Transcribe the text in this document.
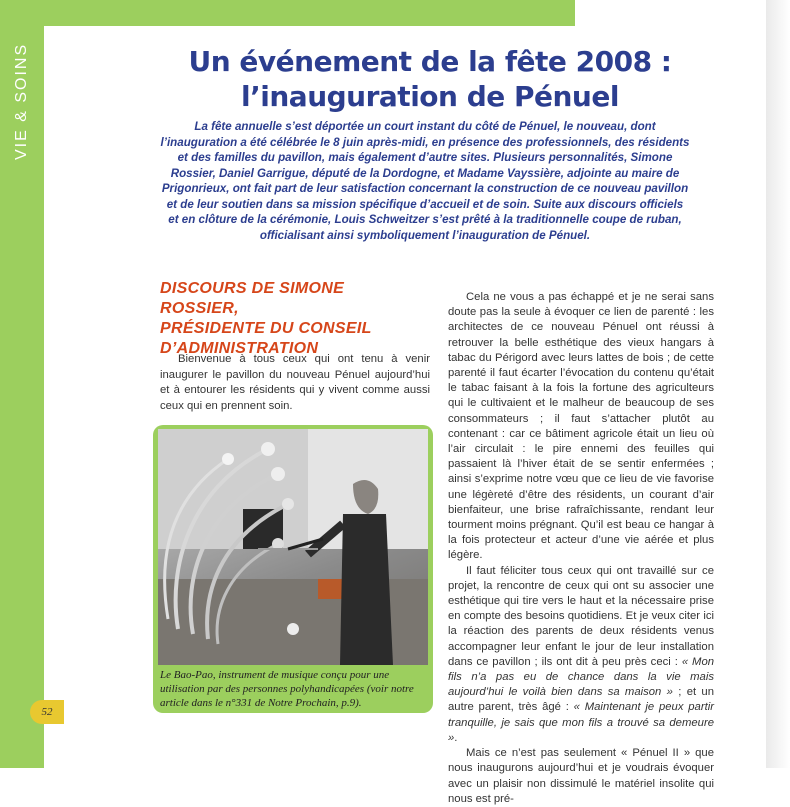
VIE & SOINS
52
Un événement de la fête 2008 :
l’inauguration de Pénuel
La fête annuelle s’est déportée un court instant du côté de Pénuel, le nouveau, dont l’inauguration a été célébrée le 8 juin après-midi, en présence des professionnels, des résidents et des familles du pavillon, mais également d’autre sites. Plusieurs personnalités, Simone Rossier, Daniel Garrigue, député de la Dordogne, et Madame Vayssière, adjointe au maire de Prigonrieux, ont fait part de leur satisfaction concernant la construction de ce nouveau pavillon et de leur soutien dans sa mission spécifique d’accueil et de soin. Suite aux discours officiels et en clôture de la cérémonie, Louis Schweitzer s’est prêté à la traditionnelle coupe de ruban, officialisant ainsi symboliquement l’inauguration de Pénuel.
DISCOURS DE SIMONE ROSSIER,
PRÉSIDENTE DU CONSEIL
D’ADMINISTRATION
Bienvenue à tous ceux qui ont tenu à venir inaugurer le pavillon du nouveau Pénuel aujourd’hui et à entourer les résidents qui y vivent comme aussi ceux qui en prennent soin.
Le Bao-Pao, instrument de musique conçu pour une utilisation par des personnes polyhandicapées (voir notre article dans le n°331 de Notre Prochain, p.9).

Cela ne vous a pas échappé et je ne serai sans doute pas la seule à évoquer ce lien de parenté : les architectes de ce nouveau Pénuel ont réussi à retrouver la belle esthétique des vieux hangars à tabac du Périgord avec leurs lattes de bois ; de cette parenté il faut écarter l’évocation du contenu qu’était le tabac faisant à la fois la fortune des agriculteurs qui le cultivaient et le malheur de beaucoup de ses consommateurs ; il faut s’attacher plutôt au contenant : car ce bâtiment agricole était un lieu où l’air circulait : le pire ennemi des feuilles qui passaient là l’hiver était de se sentir enfermées ; ainsi s’exprime notre vœu que ce lieu de vie favorise une légèreté d’être des résidents, un courant d’air bienfaiteur, une brise rafraîchissante, rendant leur tourment moins prégnant. Qu’il est beau ce hangar à la fois protecteur et acteur d’une vie aérée et plus légère.

Il faut féliciter tous ceux qui ont travaillé sur ce projet, la rencontre de ceux qui ont su associer une esthétique qui tire vers le haut et la nécessaire prise en compte des besoins quotidiens. Et je veux citer ici la réaction des parents de deux résidents venus accompagner leur enfant le jour de leur installation dans ce pavillon ; ils ont dit à peu près ceci : « Mon fils n’a pas eu de chance dans la vie mais aujourd’hui le voilà bien dans sa maison » ; et un autre parent, très âgé : « Maintenant je peux partir tranquille, je sais que mon fils a trouvé sa demeure ».

Mais ce n’est pas seulement « Pénuel II » que nous inaugurons aujourd’hui et je voudrais évoquer avec un plaisir non dissimulé le matériel insolite qui nous est pré-
